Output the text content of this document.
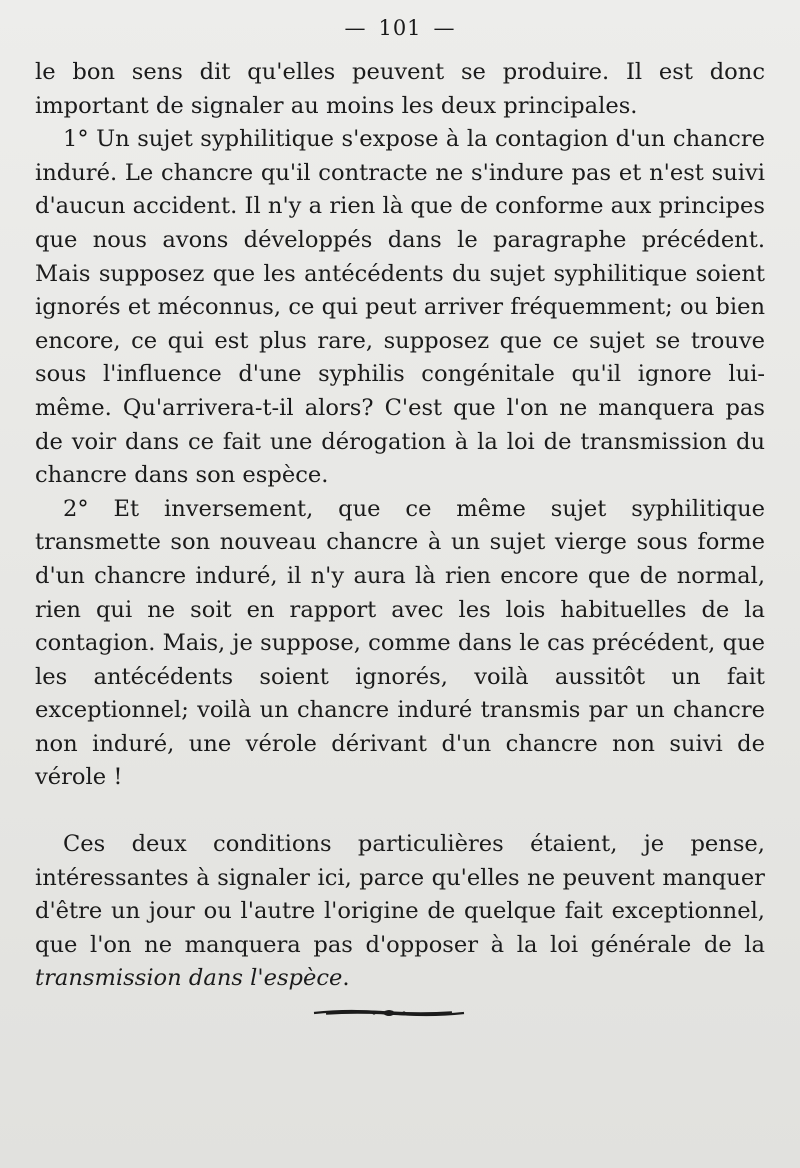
— 101 —

le bon sens dit qu'elles peuvent se produire. Il est donc important de signaler au moins les deux principales.

1° Un sujet syphilitique s'expose à la contagion d'un chancre induré. Le chancre qu'il contracte ne s'indure pas et n'est suivi d'aucun accident. Il n'y a rien là que de conforme aux principes que nous avons développés dans le paragraphe précédent. Mais supposez que les antécédents du sujet syphilitique soient ignorés et méconnus, ce qui peut arriver fréquemment; ou bien encore, ce qui est plus rare, supposez que ce sujet se trouve sous l'influence d'une syphilis congénitale qu'il ignore lui-même. Qu'arrivera-t-il alors? C'est que l'on ne manquera pas de voir dans ce fait une dérogation à la loi de transmission du chancre dans son espèce.

2° Et inversement, que ce même sujet syphilitique transmette son nouveau chancre à un sujet vierge sous forme d'un chancre induré, il n'y aura là rien encore que de normal, rien qui ne soit en rapport avec les lois habituelles de la contagion. Mais, je suppose, comme dans le cas précédent, que les antécédents soient ignorés, voilà aussitôt un fait exceptionnel; voilà un chancre induré transmis par un chancre non induré, une vérole dérivant d'un chancre non suivi de vérole !

Ces deux conditions particulières étaient, je pense, intéressantes à signaler ici, parce qu'elles ne peuvent manquer d'être un jour ou l'autre l'origine de quelque fait exceptionnel, que l'on ne manquera pas d'opposer à la loi générale de la transmission dans l'espèce.
